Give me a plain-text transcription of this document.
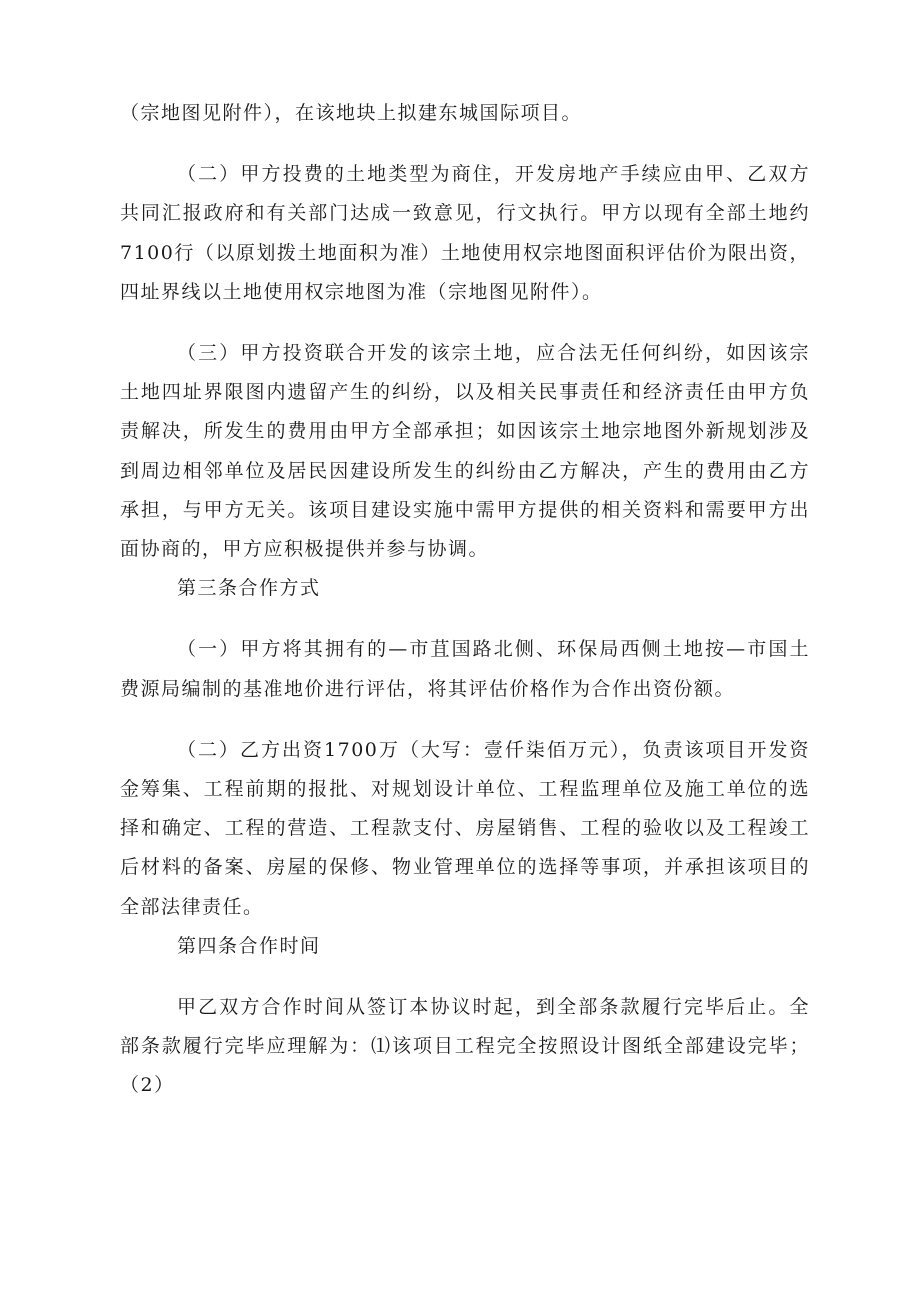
（宗地图见附件），在该地块上拟建东城国际项目。

（二）甲方投费的土地类型为商住，开发房地产手续应由甲、乙双方共同汇报政府和有关部门达成一致意见，行文执行。甲方以现有全部土地约7100行（以原划拨土地面积为准）土地使用权宗地图面积评估价为限出资，四址界线以土地使用权宗地图为准（宗地图见附件）。

（三）甲方投资联合开发的该宗土地，应合法无任何纠纷，如因该宗土地四址界限图内遗留产生的纠纷，以及相关民事责任和经济责任由甲方负责解决，所发生的费用由甲方全部承担；如因该宗土地宗地图外新规划涉及到周边相邻单位及居民因建设所发生的纠纷由乙方解决，产生的费用由乙方承担，与甲方无关。该项目建设实施中需甲方提供的相关资料和需要甲方出面协商的，甲方应积极提供并参与协调。

第三条合作方式

（一）甲方将其拥有的—市苴国路北侧、环保局西侧土地按—市国土费源局编制的基准地价进行评估，将其评估价格作为合作出资份额。

（二）乙方出资1700万（大写：壹仟柒佰万元），负责该项目开发资金筹集、工程前期的报批、对规划设计单位、工程监理单位及施工单位的选择和确定、工程的营造、工程款支付、房屋销售、工程的验收以及工程竣工后材料的备案、房屋的保修、物业管理单位的选择等事项，并承担该项目的全部法律责任。

第四条合作时间

甲乙双方合作时间从签订本协议时起，到全部条款履行完毕后止。全部条款履行完毕应理解为：⑴该项目工程完全按照设计图纸全部建设完毕；（2）
